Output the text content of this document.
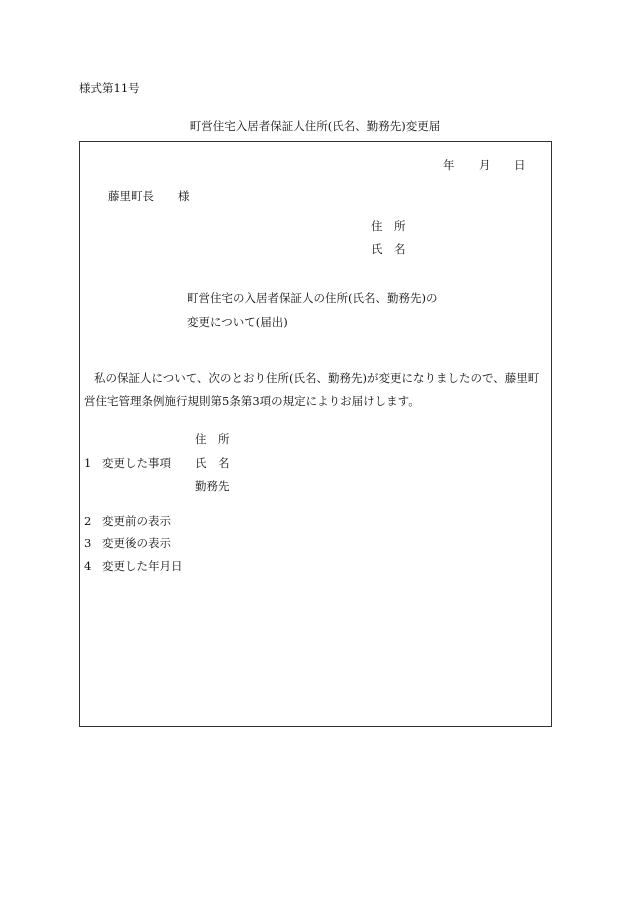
様式第11号
町営住宅入居者保証人住所(氏名、勤務先)変更届
年 月 日
藤里町長 様
住　所
氏　名
町営住宅の入居者保証人の住所(氏名、勤務先)の
変更について(届出)
私の保証人について、次のとおり住所(氏名、勤務先)が変更になりましたので、藤里町
営住宅管理条例施行規則第5条第3項の規定によりお届けします。
住　所
1 変更した事項 氏　名
勤務先
2 変更前の表示
3 変更後の表示
4 変更した年月日
